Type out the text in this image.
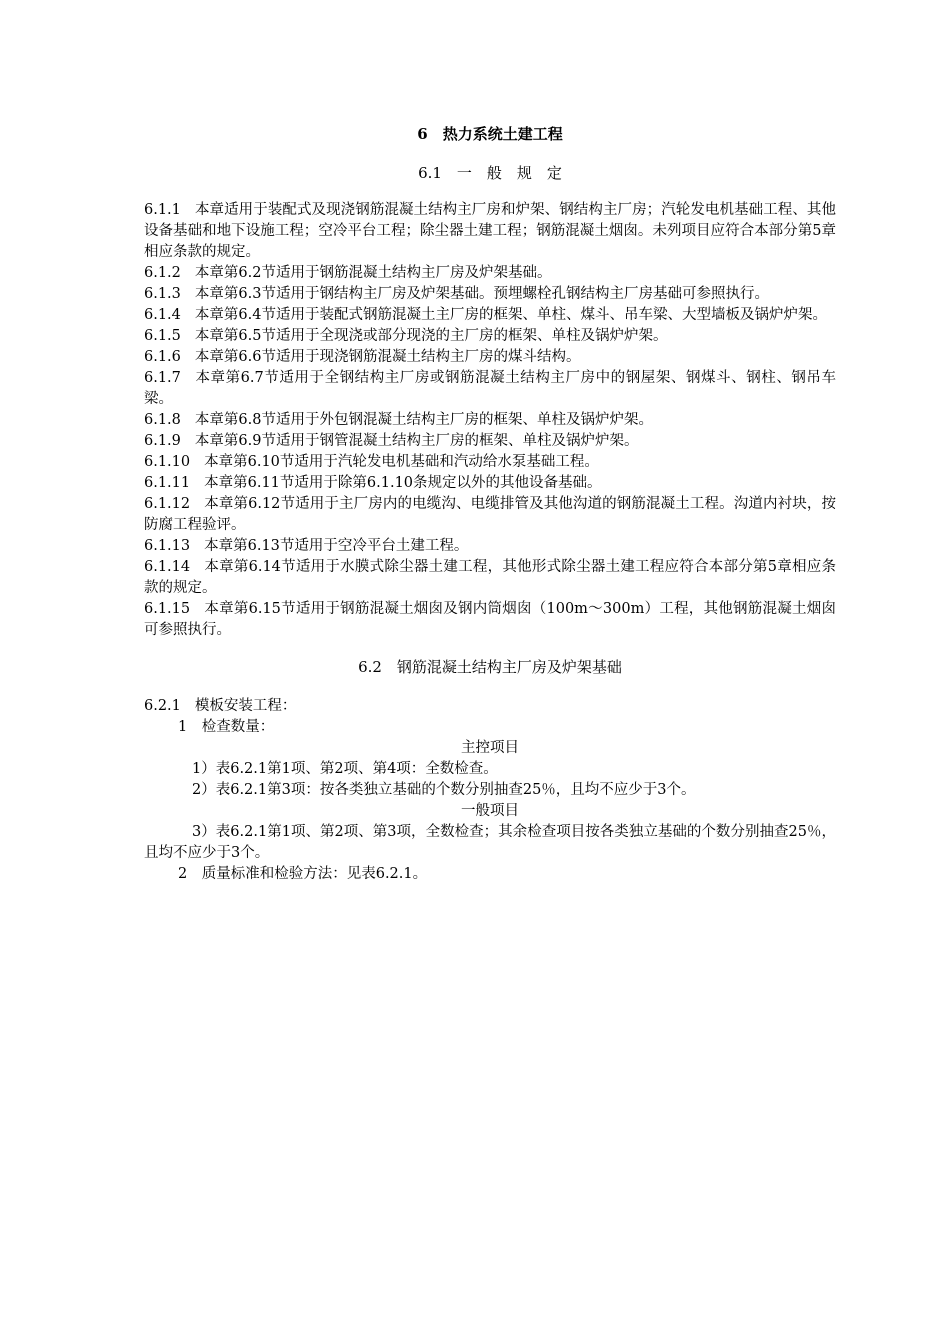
6　热力系统土建工程

6.1　一　般　规　定

6.1.1 本章适用于装配式及现浇钢筋混凝土结构主厂房和炉架、钢结构主厂房；汽轮发电机基础工程、其他设备基础和地下设施工程；空冷平台工程；除尘器土建工程；钢筋混凝土烟囱。未列项目应符合本部分第5章相应条款的规定。

6.1.2 本章第6.2节适用于钢筋混凝土结构主厂房及炉架基础。

6.1.3 本章第6.3节适用于钢结构主厂房及炉架基础。预埋螺栓孔钢结构主厂房基础可参照执行。

6.1.4 本章第6.4节适用于装配式钢筋混凝土主厂房的框架、单柱、煤斗、吊车梁、大型墙板及锅炉炉架。

6.1.5 本章第6.5节适用于全现浇或部分现浇的主厂房的框架、单柱及锅炉炉架。

6.1.6 本章第6.6节适用于现浇钢筋混凝土结构主厂房的煤斗结构。

6.1.7 本章第6.7节适用于全钢结构主厂房或钢筋混凝土结构主厂房中的钢屋架、钢煤斗、钢柱、钢吊车梁。

6.1.8 本章第6.8节适用于外包钢混凝土结构主厂房的框架、单柱及锅炉炉架。

6.1.9 本章第6.9节适用于钢管混凝土结构主厂房的框架、单柱及锅炉炉架。

6.1.10 本章第6.10节适用于汽轮发电机基础和汽动给水泵基础工程。

6.1.11 本章第6.11节适用于除第6.1.10条规定以外的其他设备基础。

6.1.12 本章第6.12节适用于主厂房内的电缆沟、电缆排管及其他沟道的钢筋混凝土工程。沟道内衬块，按防腐工程验评。

6.1.13 本章第6.13节适用于空冷平台土建工程。

6.1.14 本章第6.14节适用于水膜式除尘器土建工程，其他形式除尘器土建工程应符合本部分第5章相应条款的规定。

6.1.15 本章第6.15节适用于钢筋混凝土烟囱及钢内筒烟囱（100m～300m）工程，其他钢筋混凝土烟囱可参照执行。

6.2　钢筋混凝土结构主厂房及炉架基础

6.2.1 模板安装工程：

1　检查数量：

主控项目

1）表6.2.1第1项、第2项、第4项：全数检查。

2）表6.2.1第3项：按各类独立基础的个数分别抽查25％，且均不应少于3个。

一般项目

3）表6.2.1第1项、第2项、第3项，全数检查；其余检查项目按各类独立基础的个数分别抽查25％，且均不应少于3个。

2　质量标准和检验方法：见表6.2.1。
